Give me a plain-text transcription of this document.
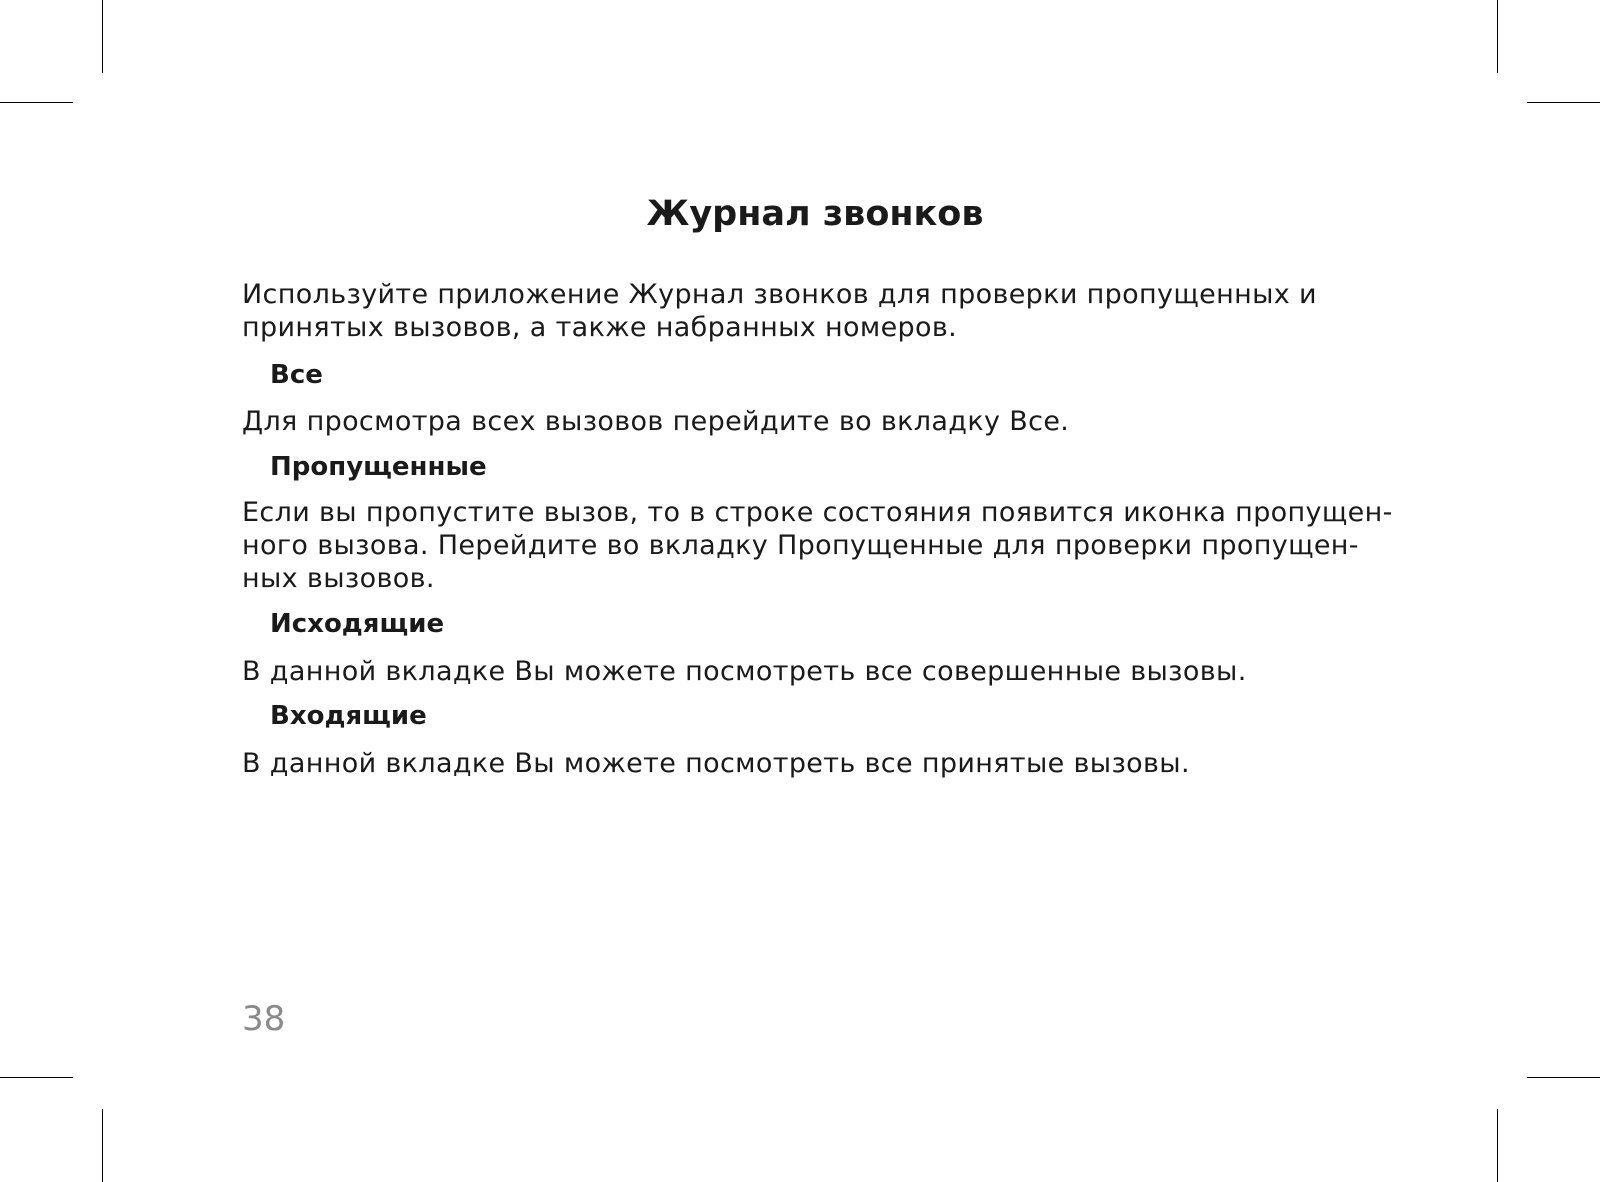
Журнал звонков

Используйте приложение Журнал звонков для проверки пропущенных и
принятых вызовов, а также набранных номеров.

Все

Для просмотра всех вызовов перейдите во вкладку Все.

Пропущенные

Если вы пропустите вызов, то в строке состояния появится иконка пропущен-
ного вызова. Перейдите во вкладку Пропущенные для проверки пропущен-
ных вызовов.

Исходящие

В данной вкладке Вы можете посмотреть все совершенные вызовы.

Входящие

В данной вкладке Вы можете посмотреть все принятые вызовы.

38
